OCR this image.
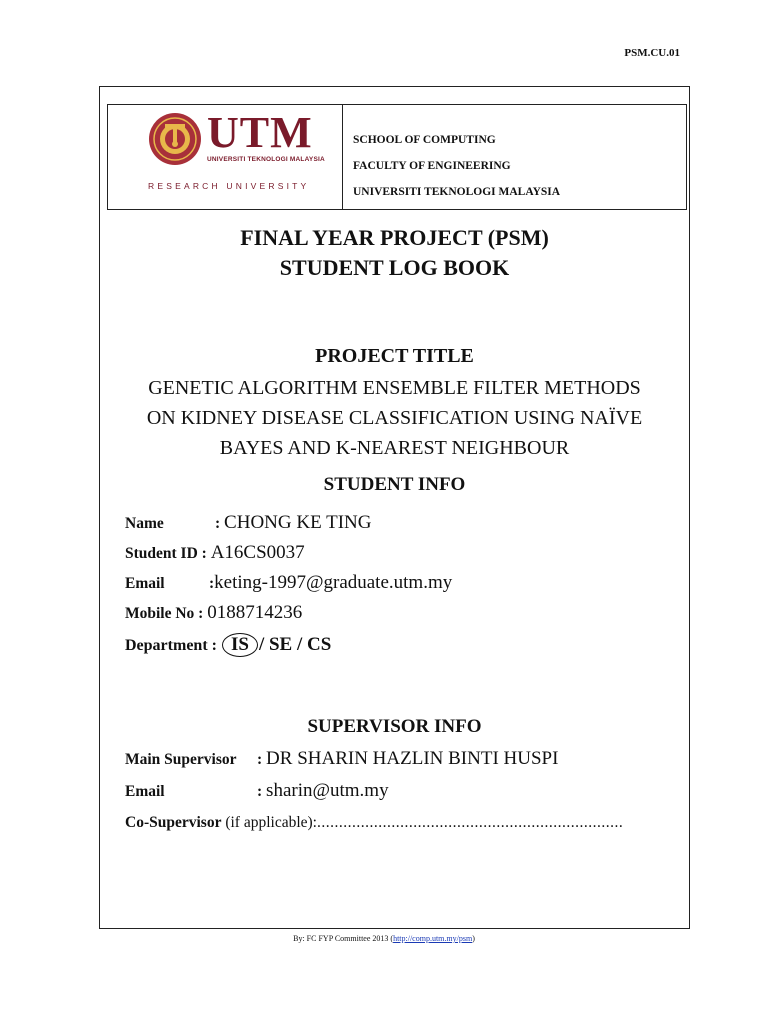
PSM.CU.01
UTM
UNIVERSITI TEKNOLOGI MALAYSIA
RESEARCH UNIVERSITY
SCHOOL OF COMPUTING
FACULTY OF ENGINEERING
UNIVERSITI TEKNOLOGI MALAYSIA
FINAL YEAR PROJECT (PSM)
STUDENT LOG BOOK
PROJECT TITLE
GENETIC ALGORITHM ENSEMBLE FILTER METHODS
ON KIDNEY DISEASE CLASSIFICATION USING NAÏVE
BAYES AND K-NEAREST NEIGHBOUR
STUDENT INFO
Name	: CHONG KE TING
Student ID : A16CS0037
Email	:keting-1997@graduate.utm.my
Mobile No : 0188714236
Department : IS / SE / CS
SUPERVISOR INFO
Main Supervisor : DR SHARIN HAZLIN BINTI HUSPI
Email	: sharin@utm.my
Co-Supervisor (if applicable):......................................................................
By: FC FYP Committee 2013 (http://comp.utm.my/psm)
